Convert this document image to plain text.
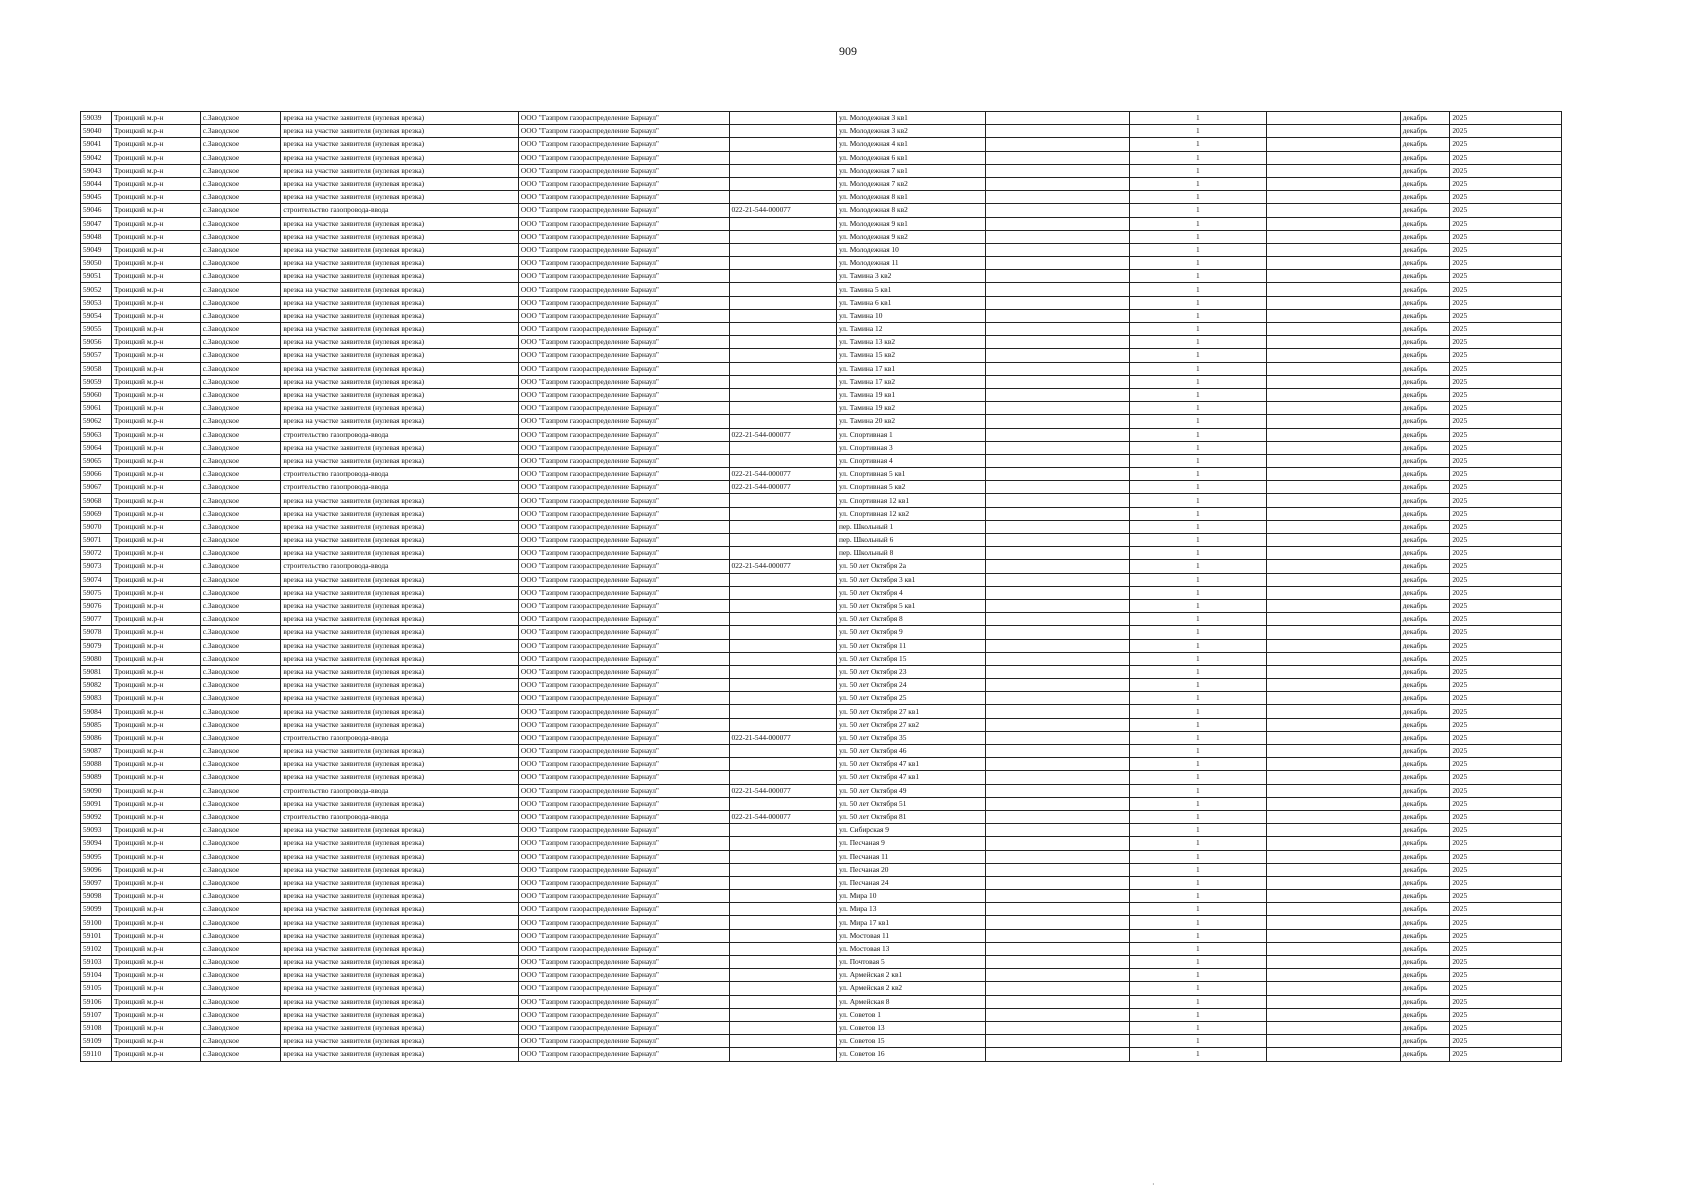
909
59039	Троицкий м.р-н	с.Заводское	врезка на участке заявителя (нулевая врезка)	ООО "Газпром газораспределение Барнаул"		ул. Молодежная 3 кв1		1		декабрь	2025
59040	Троицкий м.р-н	с.Заводское	врезка на участке заявителя (нулевая врезка)	ООО "Газпром газораспределение Барнаул"		ул. Молодежная 3 кв2		1		декабрь	2025
59041	Троицкий м.р-н	с.Заводское	врезка на участке заявителя (нулевая врезка)	ООО "Газпром газораспределение Барнаул"		ул. Молодежная 4 кв1		1		декабрь	2025
59042	Троицкий м.р-н	с.Заводское	врезка на участке заявителя (нулевая врезка)	ООО "Газпром газораспределение Барнаул"		ул. Молодежная 6 кв1		1		декабрь	2025
59043	Троицкий м.р-н	с.Заводское	врезка на участке заявителя (нулевая врезка)	ООО "Газпром газораспределение Барнаул"		ул. Молодежная 7 кв1		1		декабрь	2025
59044	Троицкий м.р-н	с.Заводское	врезка на участке заявителя (нулевая врезка)	ООО "Газпром газораспределение Барнаул"		ул. Молодежная 7 кв2		1		декабрь	2025
59045	Троицкий м.р-н	с.Заводское	врезка на участке заявителя (нулевая врезка)	ООО "Газпром газораспределение Барнаул"		ул. Молодежная 8 кв1		1		декабрь	2025
59046	Троицкий м.р-н	с.Заводское	строительство газопровода-ввода	ООО "Газпром газораспределение Барнаул"	022-21-544-000077	ул. Молодежная 8 кв2		1		декабрь	2025
59047	Троицкий м.р-н	с.Заводское	врезка на участке заявителя (нулевая врезка)	ООО "Газпром газораспределение Барнаул"		ул. Молодежная 9 кв1		1		декабрь	2025
59048	Троицкий м.р-н	с.Заводское	врезка на участке заявителя (нулевая врезка)	ООО "Газпром газораспределение Барнаул"		ул. Молодежная 9 кв2		1		декабрь	2025
59049	Троицкий м.р-н	с.Заводское	врезка на участке заявителя (нулевая врезка)	ООО "Газпром газораспределение Барнаул"		ул. Молодежная 10		1		декабрь	2025
59050	Троицкий м.р-н	с.Заводское	врезка на участке заявителя (нулевая врезка)	ООО "Газпром газораспределение Барнаул"		ул. Молодежная 11		1		декабрь	2025
59051	Троицкий м.р-н	с.Заводское	врезка на участке заявителя (нулевая врезка)	ООО "Газпром газораспределение Барнаул"		ул. Тамина 3 кв2		1		декабрь	2025
59052	Троицкий м.р-н	с.Заводское	врезка на участке заявителя (нулевая врезка)	ООО "Газпром газораспределение Барнаул"		ул. Тамина 5 кв1		1		декабрь	2025
59053	Троицкий м.р-н	с.Заводское	врезка на участке заявителя (нулевая врезка)	ООО "Газпром газораспределение Барнаул"		ул. Тамина 6 кв1		1		декабрь	2025
59054	Троицкий м.р-н	с.Заводское	врезка на участке заявителя (нулевая врезка)	ООО "Газпром газораспределение Барнаул"		ул. Тамина 10		1		декабрь	2025
59055	Троицкий м.р-н	с.Заводское	врезка на участке заявителя (нулевая врезка)	ООО "Газпром газораспределение Барнаул"		ул. Тамина 12		1		декабрь	2025
59056	Троицкий м.р-н	с.Заводское	врезка на участке заявителя (нулевая врезка)	ООО "Газпром газораспределение Барнаул"		ул. Тамина 13 кв2		1		декабрь	2025
59057	Троицкий м.р-н	с.Заводское	врезка на участке заявителя (нулевая врезка)	ООО "Газпром газораспределение Барнаул"		ул. Тамина 15 кв2		1		декабрь	2025
59058	Троицкий м.р-н	с.Заводское	врезка на участке заявителя (нулевая врезка)	ООО "Газпром газораспределение Барнаул"		ул. Тамина 17 кв1		1		декабрь	2025
59059	Троицкий м.р-н	с.Заводское	врезка на участке заявителя (нулевая врезка)	ООО "Газпром газораспределение Барнаул"		ул. Тамина 17 кв2		1		декабрь	2025
59060	Троицкий м.р-н	с.Заводское	врезка на участке заявителя (нулевая врезка)	ООО "Газпром газораспределение Барнаул"		ул. Тамина 19 кв1		1		декабрь	2025
59061	Троицкий м.р-н	с.Заводское	врезка на участке заявителя (нулевая врезка)	ООО "Газпром газораспределение Барнаул"		ул. Тамина 19 кв2		1		декабрь	2025
59062	Троицкий м.р-н	с.Заводское	врезка на участке заявителя (нулевая врезка)	ООО "Газпром газораспределение Барнаул"		ул. Тамина 20 кв2		1		декабрь	2025
59063	Троицкий м.р-н	с.Заводское	строительство газопровода-ввода	ООО "Газпром газораспределение Барнаул"	022-21-544-000077	ул. Спортивная 1		1		декабрь	2025
59064	Троицкий м.р-н	с.Заводское	врезка на участке заявителя (нулевая врезка)	ООО "Газпром газораспределение Барнаул"		ул. Спортивная 3		1		декабрь	2025
59065	Троицкий м.р-н	с.Заводское	врезка на участке заявителя (нулевая врезка)	ООО "Газпром газораспределение Барнаул"		ул. Спортивная 4		1		декабрь	2025
59066	Троицкий м.р-н	с.Заводское	строительство газопровода-ввода	ООО "Газпром газораспределение Барнаул"	022-21-544-000077	ул. Спортивная 5 кв1		1		декабрь	2025
59067	Троицкий м.р-н	с.Заводское	строительство газопровода-ввода	ООО "Газпром газораспределение Барнаул"	022-21-544-000077	ул. Спортивная 5 кв2		1		декабрь	2025
59068	Троицкий м.р-н	с.Заводское	врезка на участке заявителя (нулевая врезка)	ООО "Газпром газораспределение Барнаул"		ул. Спортивная 12 кв1		1		декабрь	2025
59069	Троицкий м.р-н	с.Заводское	врезка на участке заявителя (нулевая врезка)	ООО "Газпром газораспределение Барнаул"		ул. Спортивная 12 кв2		1		декабрь	2025
59070	Троицкий м.р-н	с.Заводское	врезка на участке заявителя (нулевая врезка)	ООО "Газпром газораспределение Барнаул"		пер. Школьный 1		1		декабрь	2025
59071	Троицкий м.р-н	с.Заводское	врезка на участке заявителя (нулевая врезка)	ООО "Газпром газораспределение Барнаул"		пер. Школьный 6		1		декабрь	2025
59072	Троицкий м.р-н	с.Заводское	врезка на участке заявителя (нулевая врезка)	ООО "Газпром газораспределение Барнаул"		пер. Школьный 8		1		декабрь	2025
59073	Троицкий м.р-н	с.Заводское	строительство газопровода-ввода	ООО "Газпром газораспределение Барнаул"	022-21-544-000077	ул. 50 лет Октября 2а		1		декабрь	2025
59074	Троицкий м.р-н	с.Заводское	врезка на участке заявителя (нулевая врезка)	ООО "Газпром газораспределение Барнаул"		ул. 50 лет Октября 3 кв1		1		декабрь	2025
59075	Троицкий м.р-н	с.Заводское	врезка на участке заявителя (нулевая врезка)	ООО "Газпром газораспределение Барнаул"		ул. 50 лет Октября 4		1		декабрь	2025
59076	Троицкий м.р-н	с.Заводское	врезка на участке заявителя (нулевая врезка)	ООО "Газпром газораспределение Барнаул"		ул. 50 лет Октября 5 кв1		1		декабрь	2025
59077	Троицкий м.р-н	с.Заводское	врезка на участке заявителя (нулевая врезка)	ООО "Газпром газораспределение Барнаул"		ул. 50 лет Октября 8		1		декабрь	2025
59078	Троицкий м.р-н	с.Заводское	врезка на участке заявителя (нулевая врезка)	ООО "Газпром газораспределение Барнаул"		ул. 50 лет Октября 9		1		декабрь	2025
59079	Троицкий м.р-н	с.Заводское	врезка на участке заявителя (нулевая врезка)	ООО "Газпром газораспределение Барнаул"		ул. 50 лет Октября 11		1		декабрь	2025
59080	Троицкий м.р-н	с.Заводское	врезка на участке заявителя (нулевая врезка)	ООО "Газпром газораспределение Барнаул"		ул. 50 лет Октября 15		1		декабрь	2025
59081	Троицкий м.р-н	с.Заводское	врезка на участке заявителя (нулевая врезка)	ООО "Газпром газораспределение Барнаул"		ул. 50 лет Октября 23		1		декабрь	2025
59082	Троицкий м.р-н	с.Заводское	врезка на участке заявителя (нулевая врезка)	ООО "Газпром газораспределение Барнаул"		ул. 50 лет Октября 24		1		декабрь	2025
59083	Троицкий м.р-н	с.Заводское	врезка на участке заявителя (нулевая врезка)	ООО "Газпром газораспределение Барнаул"		ул. 50 лет Октября 25		1		декабрь	2025
59084	Троицкий м.р-н	с.Заводское	врезка на участке заявителя (нулевая врезка)	ООО "Газпром газораспределение Барнаул"		ул. 50 лет Октября 27 кв1		1		декабрь	2025
59085	Троицкий м.р-н	с.Заводское	врезка на участке заявителя (нулевая врезка)	ООО "Газпром газораспределение Барнаул"		ул. 50 лет Октября 27 кв2		1		декабрь	2025
59086	Троицкий м.р-н	с.Заводское	строительство газопровода-ввода	ООО "Газпром газораспределение Барнаул"	022-21-544-000077	ул. 50 лет Октября 35		1		декабрь	2025
59087	Троицкий м.р-н	с.Заводское	врезка на участке заявителя (нулевая врезка)	ООО "Газпром газораспределение Барнаул"		ул. 50 лет Октября 46		1		декабрь	2025
59088	Троицкий м.р-н	с.Заводское	врезка на участке заявителя (нулевая врезка)	ООО "Газпром газораспределение Барнаул"		ул. 50 лет Октября 47 кв1		1		декабрь	2025
59089	Троицкий м.р-н	с.Заводское	врезка на участке заявителя (нулевая врезка)	ООО "Газпром газораспределение Барнаул"		ул. 50 лет Октября 47 кв1		1		декабрь	2025
59090	Троицкий м.р-н	с.Заводское	строительство газопровода-ввода	ООО "Газпром газораспределение Барнаул"	022-21-544-000077	ул. 50 лет Октября 49		1		декабрь	2025
59091	Троицкий м.р-н	с.Заводское	врезка на участке заявителя (нулевая врезка)	ООО "Газпром газораспределение Барнаул"		ул. 50 лет Октября 51		1		декабрь	2025
59092	Троицкий м.р-н	с.Заводское	строительство газопровода-ввода	ООО "Газпром газораспределение Барнаул"	022-21-544-000077	ул. 50 лет Октября 81		1		декабрь	2025
59093	Троицкий м.р-н	с.Заводское	врезка на участке заявителя (нулевая врезка)	ООО "Газпром газораспределение Барнаул"		ул. Сибирская 9		1		декабрь	2025
59094	Троицкий м.р-н	с.Заводское	врезка на участке заявителя (нулевая врезка)	ООО "Газпром газораспределение Барнаул"		ул. Песчаная 9		1		декабрь	2025
59095	Троицкий м.р-н	с.Заводское	врезка на участке заявителя (нулевая врезка)	ООО "Газпром газораспределение Барнаул"		ул. Песчаная 11		1		декабрь	2025
59096	Троицкий м.р-н	с.Заводское	врезка на участке заявителя (нулевая врезка)	ООО "Газпром газораспределение Барнаул"		ул. Песчаная 20		1		декабрь	2025
59097	Троицкий м.р-н	с.Заводское	врезка на участке заявителя (нулевая врезка)	ООО "Газпром газораспределение Барнаул"		ул. Песчаная 24		1		декабрь	2025
59098	Троицкий м.р-н	с.Заводское	врезка на участке заявителя (нулевая врезка)	ООО "Газпром газораспределение Барнаул"		ул. Мира 10		1		декабрь	2025
59099	Троицкий м.р-н	с.Заводское	врезка на участке заявителя (нулевая врезка)	ООО "Газпром газораспределение Барнаул"		ул. Мира 13		1		декабрь	2025
59100	Троицкий м.р-н	с.Заводское	врезка на участке заявителя (нулевая врезка)	ООО "Газпром газораспределение Барнаул"		ул. Мира 17 кв1		1		декабрь	2025
59101	Троицкий м.р-н	с.Заводское	врезка на участке заявителя (нулевая врезка)	ООО "Газпром газораспределение Барнаул"		ул. Мостовая 11		1		декабрь	2025
59102	Троицкий м.р-н	с.Заводское	врезка на участке заявителя (нулевая врезка)	ООО "Газпром газораспределение Барнаул"		ул. Мостовая 13		1		декабрь	2025
59103	Троицкий м.р-н	с.Заводское	врезка на участке заявителя (нулевая врезка)	ООО "Газпром газораспределение Барнаул"		ул. Почтовая 5		1		декабрь	2025
59104	Троицкий м.р-н	с.Заводское	врезка на участке заявителя (нулевая врезка)	ООО "Газпром газораспределение Барнаул"		ул. Армейская 2 кв1		1		декабрь	2025
59105	Троицкий м.р-н	с.Заводское	врезка на участке заявителя (нулевая врезка)	ООО "Газпром газораспределение Барнаул"		ул. Армейская 2 кв2		1		декабрь	2025
59106	Троицкий м.р-н	с.Заводское	врезка на участке заявителя (нулевая врезка)	ООО "Газпром газораспределение Барнаул"		ул. Армейская 8		1		декабрь	2025
59107	Троицкий м.р-н	с.Заводское	врезка на участке заявителя (нулевая врезка)	ООО "Газпром газораспределение Барнаул"		ул. Советов 1		1		декабрь	2025
59108	Троицкий м.р-н	с.Заводское	врезка на участке заявителя (нулевая врезка)	ООО "Газпром газораспределение Барнаул"		ул. Советов 13		1		декабрь	2025
59109	Троицкий м.р-н	с.Заводское	врезка на участке заявителя (нулевая врезка)	ООО "Газпром газораспределение Барнаул"		ул. Советов 15		1		декабрь	2025
59110	Троицкий м.р-н	с.Заводское	врезка на участке заявителя (нулевая врезка)	ООО "Газпром газораспределение Барнаул"		ул. Советов 16		1		декабрь	2025
·
